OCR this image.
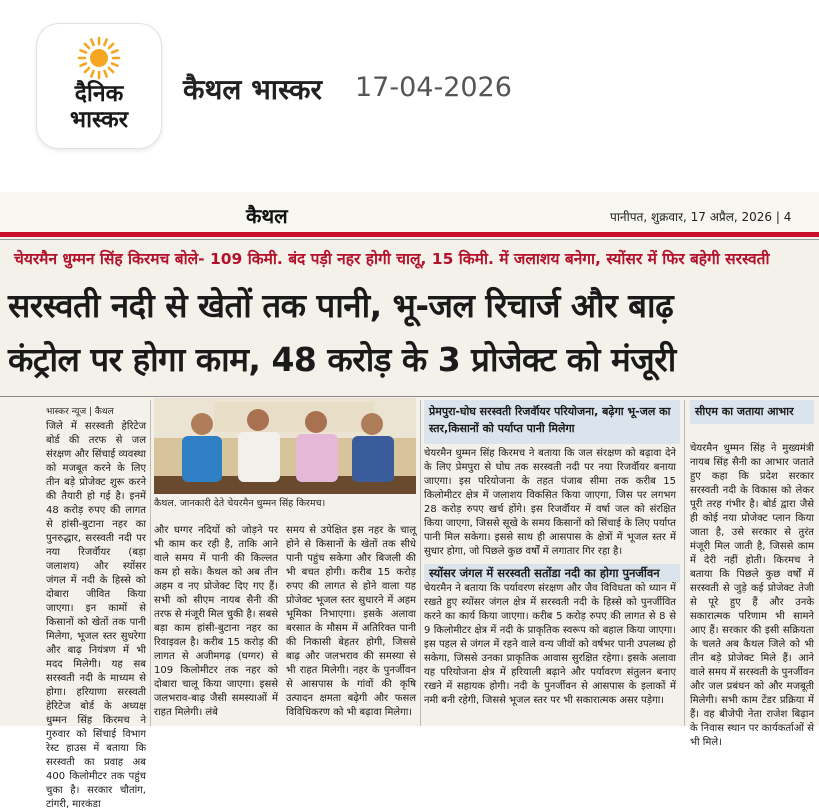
दैनिक
भास्कर
कैथल भास्कर 17-04-2026
कैथल	पानीपत, शुक्रवार, 17 अप्रैल, 2026 | 4
चेयरमैन धुम्मन सिंह किरमच बोले- 109 किमी. बंद पड़ी नहर होगी चालू, 15 किमी. में जलाशय बनेगा, स्योंसर में फिर बहेगी सरस्वती
सरस्वती नदी से खेतों तक पानी, भू-जल रिचार्ज और बाढ़
कंट्रोल पर होगा काम, 48 करोड़ के 3 प्रोजेक्ट को मंजूरी
भास्कर न्यूज | कैथल
जिले में सरस्वती हेरिटेज बोर्ड की तरफ से जल संरक्षण और सिंचाई व्यवस्था को मजबूत करने के लिए तीन बड़े प्रोजेक्ट शुरू करने की तैयारी हो गई है। इनमें 48 करोड़ रुपए की लागत से हांसी-बुटाना नहर का पुनरुद्धार, सरस्वती नदी पर नया रिजर्वॉयर (बड़ा जलाशय) और स्योंसर जंगल में नदी के हिस्से को दोबारा जीवित किया जाएगा। इन कामों से किसानों को खेतों तक पानी मिलेगा, भूजल स्तर सुधरेगा और बाढ़ नियंत्रण में भी मदद मिलेगी। यह सब सरस्वती नदी के माध्यम से होगा। हरियाणा सरस्वती हेरिटेज बोर्ड के अध्यक्ष धुम्मन सिंह किरमच ने गुरुवार को सिंचाई विभाग रेस्ट हाउस में बताया कि सरस्वती का प्रवाह अब 400 किलोमीटर तक पहुंच चुका है। सरकार चौतांग, टांगरी, मारकंडा
कैथल. जानकारी देते चेयरमैन धुम्मन सिंह किरमच।
और घग्गर नदियों को जोड़ने पर भी काम कर रही है, ताकि आने वाले समय में पानी की किल्लत कम हो सके। कैथल को अब तीन अहम व नए प्रोजेक्ट दिए गए हैं। सभी को सीएम नायब सैनी की तरफ से मंजूरी मिल चुकी है। सबसे बड़ा काम हांसी-बुटाना नहर का रिवाइवल है। करीब 15 करोड़ की लागत से अजीमगढ़ (घग्गर) से 109 किलोमीटर तक नहर को दोबारा चालू किया जाएगा। इससे जलभराव-बाढ़ जैसी समस्याओं में राहत मिलेगी। लंबे
समय से उपेक्षित इस नहर के चालू होने से किसानों के खेतों तक सीधे पानी पहुंच सकेगा और बिजली की भी बचत होगी। करीब 15 करोड़ रुपए की लागत से होने वाला यह प्रोजेक्ट भूजल स्तर सुधारने में अहम भूमिका निभाएगा। इसके अलावा बरसात के मौसम में अतिरिक्त पानी की निकासी बेहतर होगी, जिससे बाढ़ और जलभराव की समस्या से भी राहत मिलेगी। नहर के पुनर्जीवन से आसपास के गांवों की कृषि उत्पादन क्षमता बढ़ेगी और फसल विविधिकरण को भी बढ़ावा मिलेगा।
प्रेमपुरा-घोघ सरस्वती रिजर्वॉयर परियोजना, बढ़ेगा भू-जल का स्तर,किसानों को पर्याप्त पानी मिलेगा
चेयरमैन धुम्मन सिंह किरमच ने बताया कि जल संरक्षण को बढ़ावा देने के लिए प्रेमपुरा से घोघ तक सरस्वती नदी पर नया रिजर्वॉयर बनाया जाएगा। इस परियोजना के तहत पंजाब सीमा तक करीब 15 किलोमीटर क्षेत्र में जलाशय विकसित किया जाएगा, जिस पर लगभग 28 करोड़ रुपए खर्च होंगे। इस रिजर्वॉयर में वर्षा जल को संरक्षित किया जाएगा, जिससे सूखे के समय किसानों को सिंचाई के लिए पर्याप्त पानी मिल सकेगा। इससे साथ ही आसपास के क्षेत्रों में भूजल स्तर में सुधार होगा, जो पिछले कुछ वर्षों में लगातार गिर रहा है।
स्योंसर जंगल में सरस्वती सतोंडा नदी का होगा पुनर्जीवन
चेयरमैन ने बताया कि पर्यावरण संरक्षण और जैव विविधता को ध्यान में रखते हुए स्योंसर जंगल क्षेत्र में सरस्वती नदी के हिस्से को पुनर्जीवित करने का कार्य किया जाएगा। करीब 5 करोड़ रुपए की लागत से 8 से 9 किलोमीटर क्षेत्र में नदी के प्राकृतिक स्वरूप को बहाल किया जाएगा। इस पहल से जंगल में रहने वाले वन्य जीवों को वर्षभर पानी उपलब्ध हो सकेगा, जिससे उनका प्राकृतिक आवास सुरक्षित रहेगा। इसके अलावा यह परियोजना क्षेत्र में हरियाली बढ़ाने और पर्यावरण संतुलन बनाए रखने में सहायक होगी। नदी के पुनर्जीवन से आसपास के इलाकों में नमी बनी रहेगी, जिससे भूजल स्तर पर भी सकारात्मक असर पड़ेगा।
सीएम का जताया आभार
चेयरमैन धुम्मन सिंह ने मुख्यमंत्री नायब सिंह सैनी का आभार जताते हुए कहा कि प्रदेश सरकार सरस्वती नदी के विकास को लेकर पूरी तरह गंभीर है। बोर्ड द्वारा जैसे ही कोई नया प्रोजेक्ट प्लान किया जाता है, उसे सरकार से तुरंत मंजूरी मिल जाती है, जिससे काम में देरी नहीं होती। किरमच ने बताया कि पिछले कुछ वर्षों में सरस्वती से जुड़े कई प्रोजेक्ट तेजी से पूरे हुए हैं और उनके सकारात्मक परिणाम भी सामने आए हैं। सरकार की इसी सक्रियता के चलते अब कैथल जिले को भी तीन बड़े प्रोजेक्ट मिले हैं। आने वाले समय में सरस्वती के पुनर्जीवन और जल प्रबंधन को और मजबूती मिलेगी। सभी काम टेंडर प्रक्रिया में हैं। वह बीजेपी नेता राजेश बिढ़ान के निवास स्थान पर कार्यकर्ताओं से भी मिले।
